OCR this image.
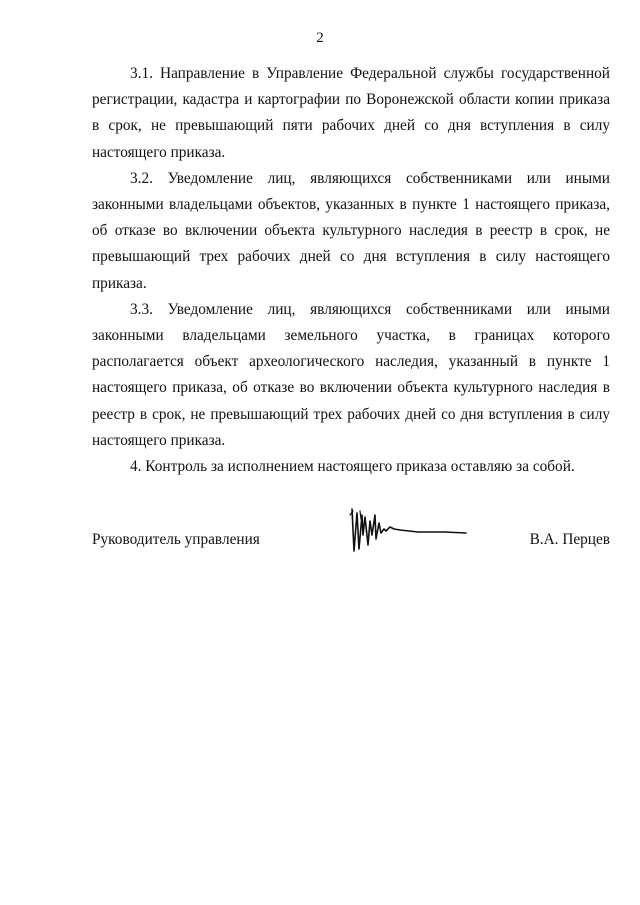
2

3.1. Направление в Управление Федеральной службы государственной регистрации, кадастра и картографии по Воронежской области копии приказа в срок, не превышающий пяти рабочих дней со дня вступления в силу настоящего приказа.

3.2. Уведомление лиц, являющихся собственниками или иными законными владельцами объектов, указанных в пункте 1 настоящего приказа, об отказе во включении объекта культурного наследия в реестр в срок, не превышающий трех рабочих дней со дня вступления в силу настоящего приказа.

3.3. Уведомление лиц, являющихся собственниками или иными законными владельцами земельного участка, в границах которого располагается объект археологического наследия, указанный в пункте 1 настоящего приказа, об отказе во включении объекта культурного наследия в реестр в срок, не превышающий трех рабочих дней со дня вступления в силу настоящего приказа.

4. Контроль за исполнением настоящего приказа оставляю за собой.

Руководитель управления	В.А. Перцев
